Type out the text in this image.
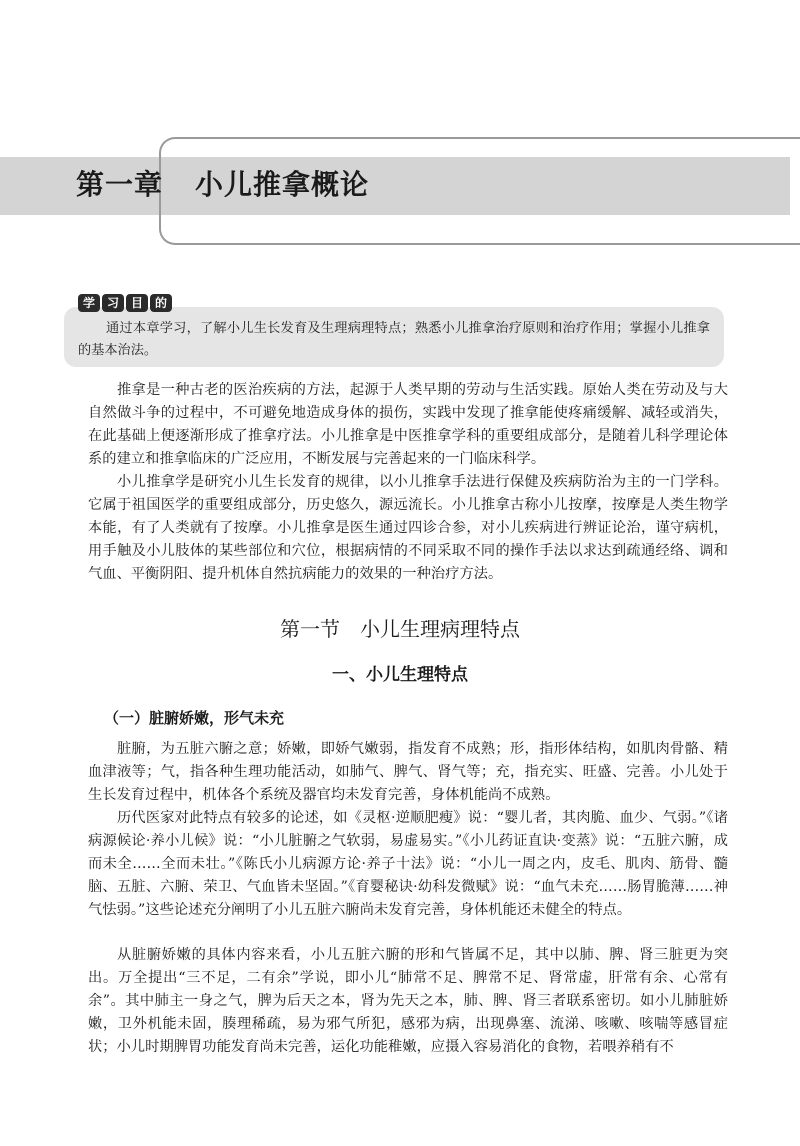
第一章 小儿推拿概论

通过本章学习，了解小儿生长发育及生理病理特点；熟悉小儿推拿治疗原则和治疗作用；掌握小儿推拿的基本治法。

学 习 目 的

推拿是一种古老的医治疾病的方法，起源于人类早期的劳动与生活实践。原始人类在劳动及与大自然做斗争的过程中，不可避免地造成身体的损伤，实践中发现了推拿能使疼痛缓解、减轻或消失，在此基础上便逐渐形成了推拿疗法。小儿推拿是中医推拿学科的重要组成部分，是随着儿科学理论体系的建立和推拿临床的广泛应用，不断发展与完善起来的一门临床科学。

小儿推拿学是研究小儿生长发育的规律，以小儿推拿手法进行保健及疾病防治为主的一门学科。它属于祖国医学的重要组成部分，历史悠久，源远流长。小儿推拿古称小儿按摩，按摩是人类生物学本能，有了人类就有了按摩。小儿推拿是医生通过四诊合参，对小儿疾病进行辨证论治，谨守病机，用手触及小儿肢体的某些部位和穴位，根据病情的不同采取不同的操作手法以求达到疏通经络、调和气血、平衡阴阳、提升机体自然抗病能力的效果的一种治疗方法。

第一节 小儿生理病理特点
一、小儿生理特点
（一）脏腑娇嫩，形气未充

脏腑，为五脏六腑之意；娇嫩，即娇气嫩弱，指发育不成熟；形，指形体结构，如肌肉骨骼、精血津液等；气，指各种生理功能活动，如肺气、脾气、肾气等；充，指充实、旺盛、完善。小儿处于生长发育过程中，机体各个系统及器官均未发育完善，身体机能尚不成熟。

历代医家对此特点有较多的论述，如《灵枢·逆顺肥瘦》说：“婴儿者，其肉脆、血少、气弱。”《诸病源候论·养小儿候》说：“小儿脏腑之气软弱，易虚易实。”《小儿药证直诀·变蒸》说：“五脏六腑，成而未全……全而未壮。”《陈氏小儿病源方论·养子十法》说：“小儿一周之内，皮毛、肌肉、筋骨、髓脑、五脏、六腑、荣卫、气血皆未坚固。”《育婴秘诀·幼科发微赋》说：“血气未充……肠胃脆薄……神气怯弱。”这些论述充分阐明了小儿五脏六腑尚未发育完善，身体机能还未健全的特点。

从脏腑娇嫩的具体内容来看，小儿五脏六腑的形和气皆属不足，其中以肺、脾、肾三脏更为突出。万全提出“三不足，二有余”学说，即小儿“肺常不足、脾常不足、肾常虚，肝常有余、心常有余”。其中肺主一身之气，脾为后天之本，肾为先天之本，肺、脾、肾三者联系密切。如小儿肺脏娇嫩，卫外机能未固，腠理稀疏，易为邪气所犯，感邪为病，出现鼻塞、流涕、咳嗽、咳喘等感冒症状；小儿时期脾胃功能发育尚未完善，运化功能稚嫩，应摄入容易消化的食物，若喂养稍有不
